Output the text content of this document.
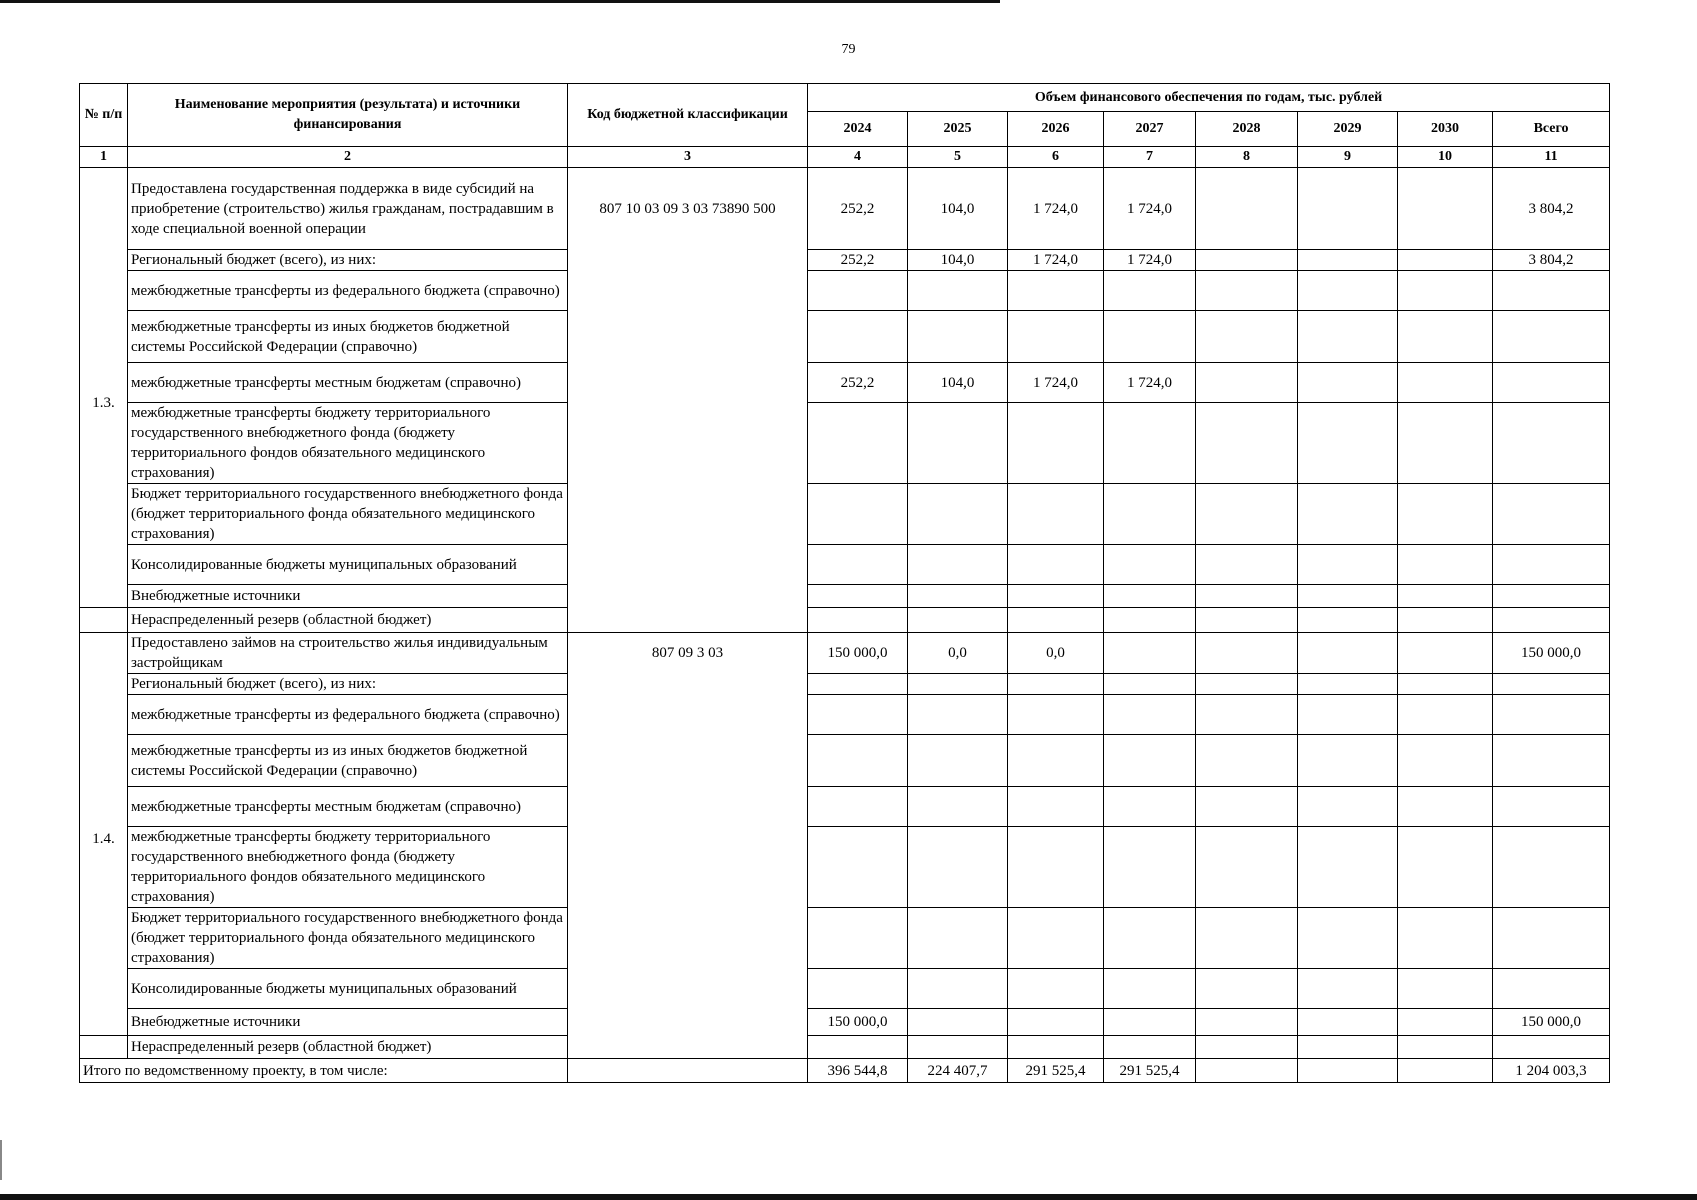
79
№ п/п	Наименование мероприятия (результата) и источники финансирования	Код бюджетной классификации	Объем финансового обеспечения по годам, тыс. рублей							
			2024	2025	2026	2027	2028	2029	2030	Всего
1	2	3	4	5	6	7	8	9	10	11
1.3.	Предоставлена государственная поддержка в виде субсидий на приобретение (строительство) жилья гражданам, пострадавшим в ходе специальной военной операции	807 10 03 09 3 03 73890 500	252,2	104,0	1 724,0	1 724,0				3 804,2
	Региональный бюджет (всего), из них:		252,2	104,0	1 724,0	1 724,0				3 804,2
	межбюджетные трансферты из федерального бюджета (справочно)									
	межбюджетные трансферты из иных бюджетов бюджетной системы Российской Федерации (справочно)									
	межбюджетные трансферты местным бюджетам (справочно)		252,2	104,0	1 724,0	1 724,0				
	межбюджетные трансферты бюджету территориального государственного внебюджетного фонда (бюджету территориального фондов обязательного медицинского страхования)									
	Бюджет территориального государственного внебюджетного фонда (бюджет территориального фонда обязательного медицинского страхования)									
	Консолидированные бюджеты муниципальных образований									
	Внебюджетные источники									
	Нераспределенный резерв (областной бюджет)									
1.4.	Предоставлено займов на строительство жилья индивидуальным застройщикам	807 09 3 03	150 000,0	0,0	0,0					150 000,0
	Региональный бюджет (всего), из них:									
	межбюджетные трансферты из федерального бюджета (справочно)									
	межбюджетные трансферты из из иных бюджетов бюджетной системы Российской Федерации (справочно)									
	межбюджетные трансферты местным бюджетам (справочно)									
	межбюджетные трансферты бюджету территориального государственного внебюджетного фонда (бюджету территориального фондов обязательного медицинского страхования)									
	Бюджет территориального государственного внебюджетного фонда (бюджет территориального фонда обязательного медицинского страхования)									
	Консолидированные бюджеты муниципальных образований									
	Внебюджетные источники		150 000,0							150 000,0
	Нераспределенный резерв (областной бюджет)									
Итого по ведомственному проекту, в том числе:			396 544,8	224 407,7	291 525,4	291 525,4				1 204 003,3
